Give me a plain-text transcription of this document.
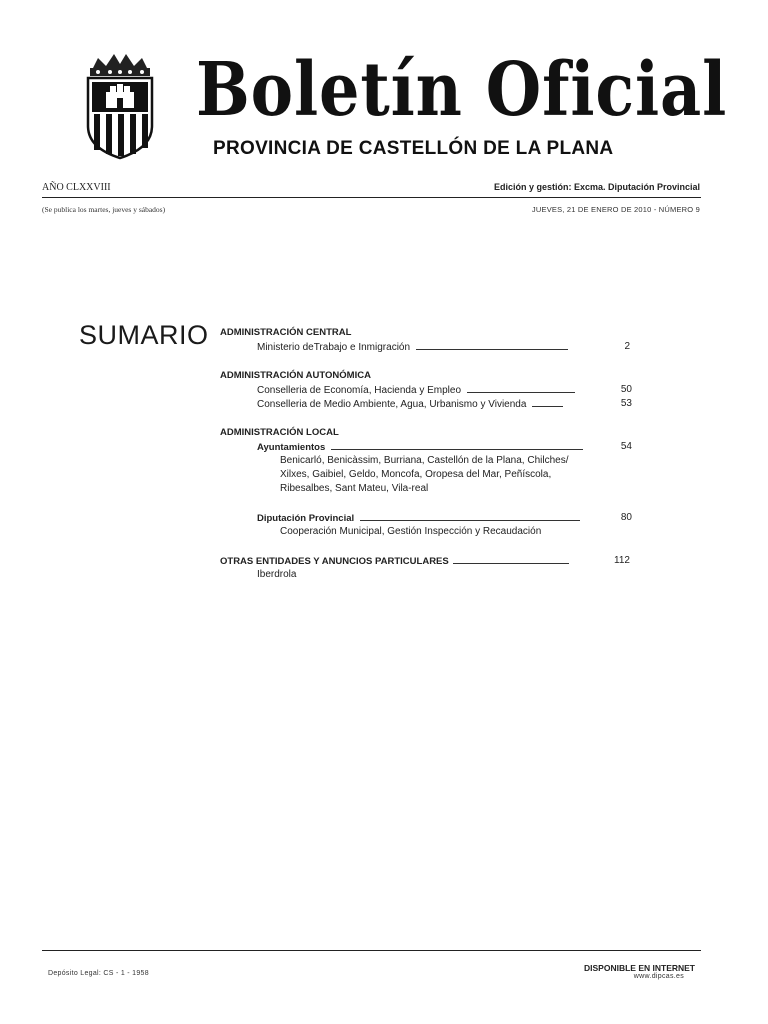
Boletín Oficial
PROVINCIA DE CASTELLÓN DE LA PLANA
AÑO CLXXVIII	Edición y gestión: Excma. Diputación Provincial
(Se publica los martes, jueves y sábados)	JUEVES, 21 DE ENERO DE 2010 - NÚMERO 9
SUMARIO ADMINISTRACIÓN CENTRAL
Ministerio deTrabajo e Inmigración	2
ADMINISTRACIÓN AUTONÓMICA
Conselleria de Economía, Hacienda y Empleo	50
Conselleria de Medio Ambiente, Agua, Urbanismo y Vivienda	53
ADMINISTRACIÓN LOCAL
Ayuntamientos	54
Benicarló, Benicàssim, Burriana, Castellón de la Plana, Chilches/
Xilxes, Gaibiel, Geldo, Moncofa, Oropesa del Mar, Peñíscola,
Ribesalbes, Sant Mateu, Vila-real
Diputación Provincial	80
Cooperación Municipal, Gestión Inspección y Recaudación
OTRAS ENTIDADES Y ANUNCIOS PARTICULARES	112
Iberdrola
Depósito Legal: CS - 1 - 1958
DISPONIBLE EN INTERNET
www.dipcas.es
